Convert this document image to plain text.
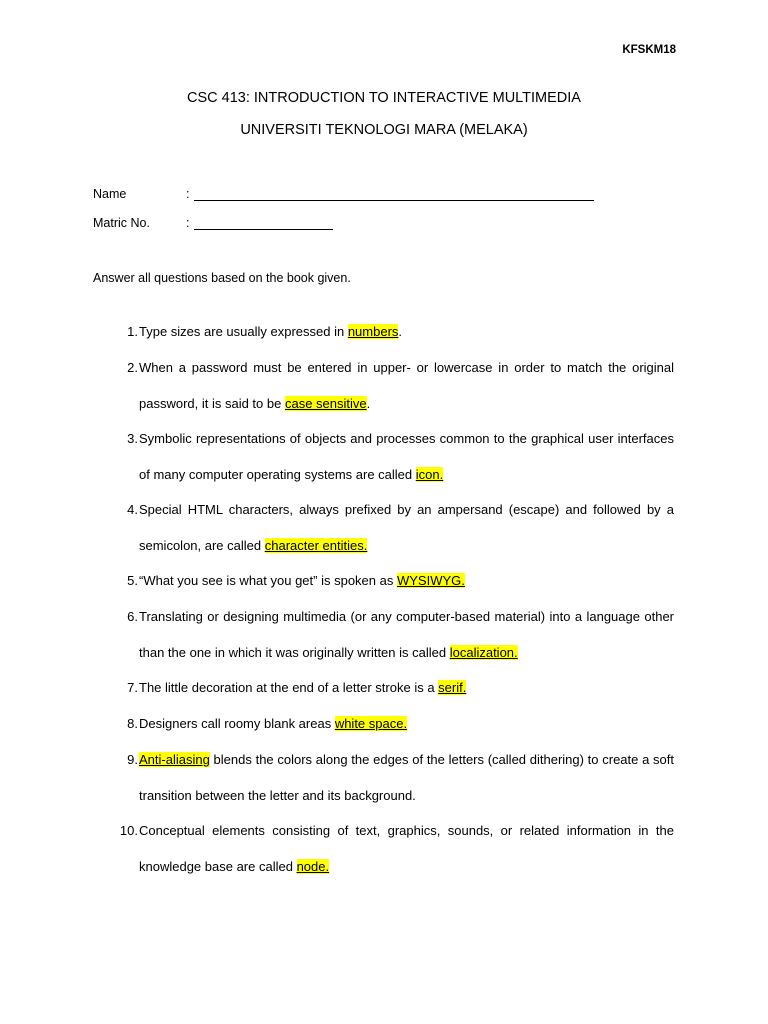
KFSKM18
CSC 413: INTRODUCTION TO INTERACTIVE MULTIMEDIA
UNIVERSITI TEKNOLOGI MARA (MELAKA)
Name	:
Matric No.	:
Answer all questions based on the book given.
1. Type sizes are usually expressed in numbers.
2. When a password must be entered in upper- or lowercase in order to match the original password, it is said to be case sensitive.
3. Symbolic representations of objects and processes common to the graphical user interfaces of many computer operating systems are called icon.
4. Special HTML characters, always prefixed by an ampersand (escape) and followed by a semicolon, are called character entities.
5. “What you see is what you get” is spoken as WYSIWYG.
6. Translating or designing multimedia (or any computer-based material) into a language other than the one in which it was originally written is called localization.
7. The little decoration at the end of a letter stroke is a serif.
8. Designers call roomy blank areas white space.
9. Anti-aliasing blends the colors along the edges of the letters (called dithering) to create a soft transition between the letter and its background.
10. Conceptual elements consisting of text, graphics, sounds, or related information in the knowledge base are called node.
